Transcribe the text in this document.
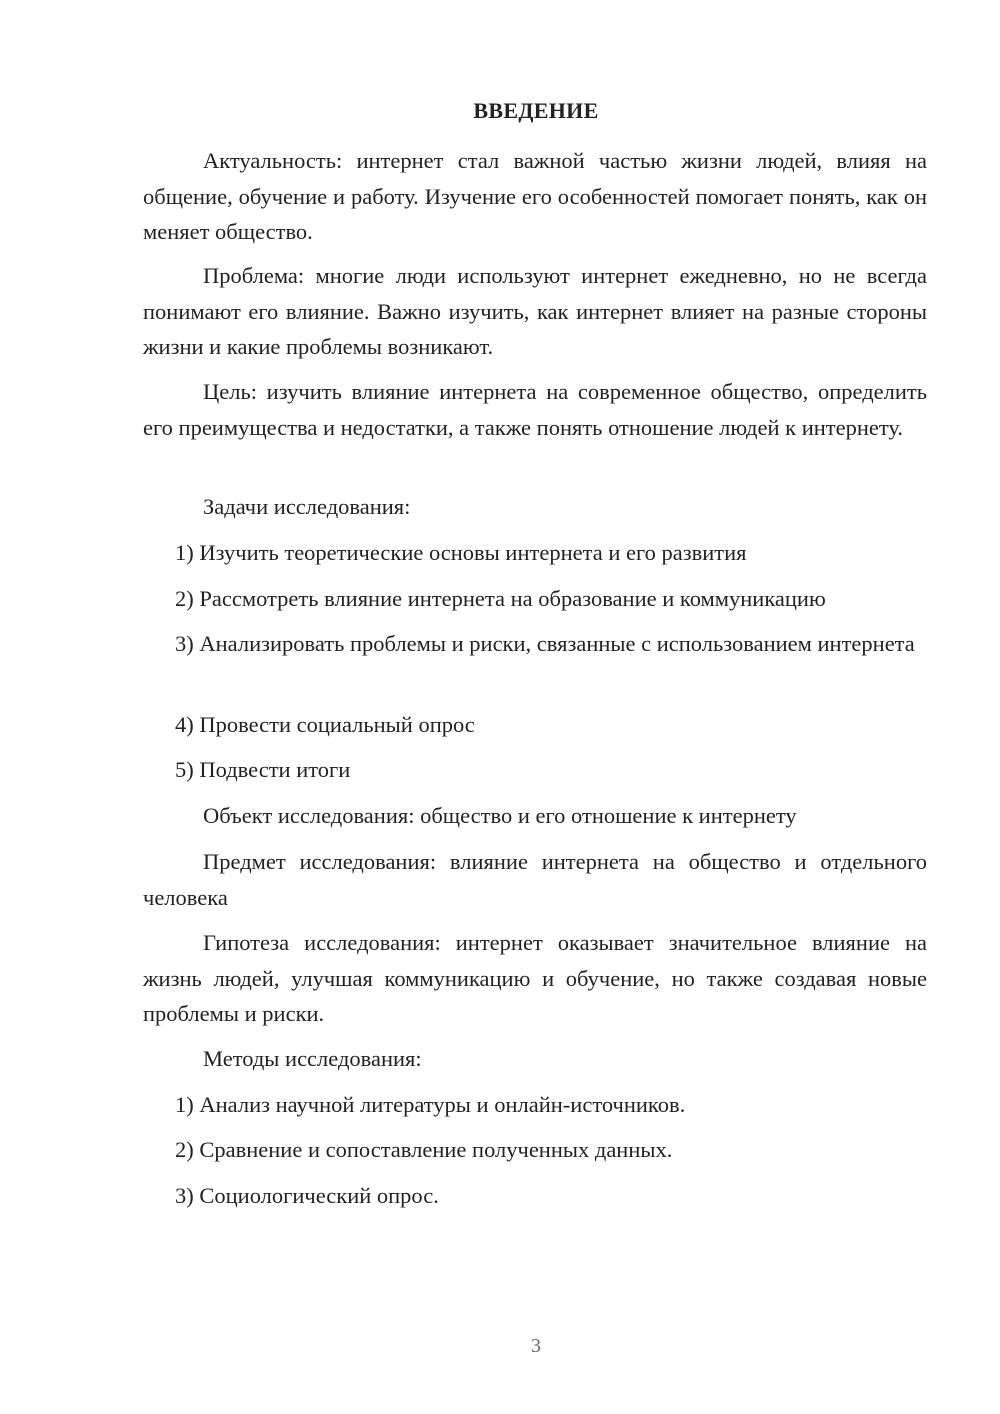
ВВЕДЕНИЕ

Актуальность: интернет стал важной частью жизни людей, влияя на общение, обучение и работу. Изучение его особенностей помогает понять, как он меняет общество.

Проблема: многие люди используют интернет ежедневно, но не всегда понимают его влияние. Важно изучить, как интернет влияет на разные стороны жизни и какие проблемы возникают.

Цель: изучить влияние интернета на современное общество, определить его преимущества и недостатки, а также понять отношение людей к интернету.

Задачи исследования:

1) Изучить теоретические основы интернета и его развития

2) Рассмотреть влияние интернета на образование и коммуникацию

3) Анализировать проблемы и риски, связанные с использованием интернета

4) Провести социальный опрос

5) Подвести итоги

Объект исследования: общество и его отношение к интернету

Предмет исследования: влияние интернета на общество и отдельного человека

Гипотеза исследования: интернет оказывает значительное влияние на жизнь людей, улучшая коммуникацию и обучение, но также создавая новые проблемы и риски.

Методы исследования:

1) Анализ научной литературы и онлайн-источников.

2) Сравнение и сопоставление полученных данных.

3) Социологический опрос.

3
